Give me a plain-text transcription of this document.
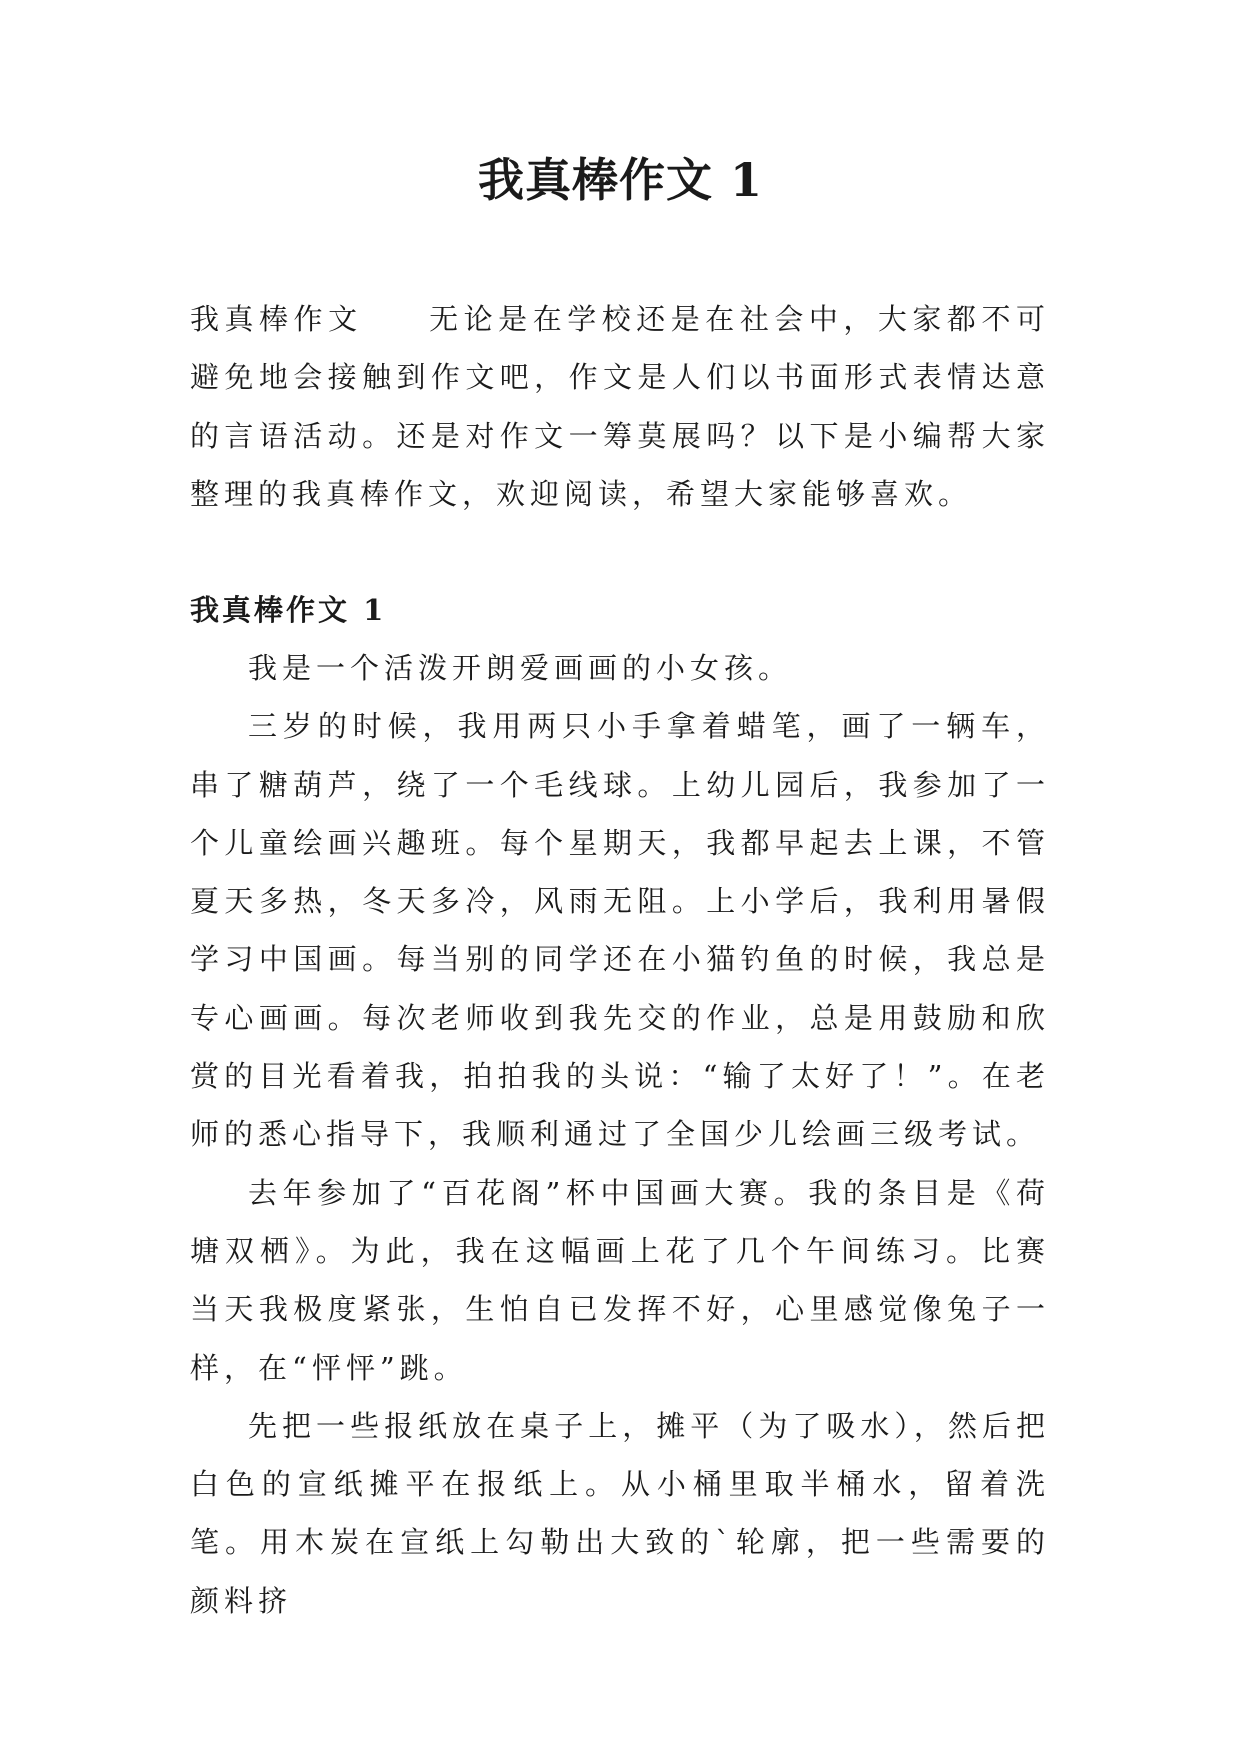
我真棒作文 1
我真棒作文 无论是在学校还是在社会中，大家都不可避免地会接触到作文吧，作文是人们以书面形式表情达意的言语活动。还是对作文一筹莫展吗？以下是小编帮大家整理的我真棒作文，欢迎阅读，希望大家能够喜欢。
我真棒作文 1

我是一个活泼开朗爱画画的小女孩。

三岁的时候，我用两只小手拿着蜡笔，画了一辆车，串了糖葫芦，绕了一个毛线球。上幼儿园后，我参加了一个儿童绘画兴趣班。每个星期天，我都早起去上课，不管夏天多热，冬天多冷，风雨无阻。上小学后，我利用暑假学习中国画。每当别的同学还在小猫钓鱼的时候，我总是专心画画。每次老师收到我先交的作业，总是用鼓励和欣赏的目光看着我，拍拍我的头说：“输了太好了！”。在老师的悉心指导下，我顺利通过了全国少儿绘画三级考试。

去年参加了“百花阁”杯中国画大赛。我的条目是《荷塘双栖》。为此，我在这幅画上花了几个午间练习。比赛当天我极度紧张，生怕自已发挥不好，心里感觉像兔子一样，在“怦怦”跳。

先把一些报纸放在桌子上，摊平（为了吸水），然后把白色的宣纸摊平在报纸上。从小桶里取半桶水，留着洗笔。用木炭在宣纸上勾勒出大致的`轮廓，把一些需要的颜料挤
